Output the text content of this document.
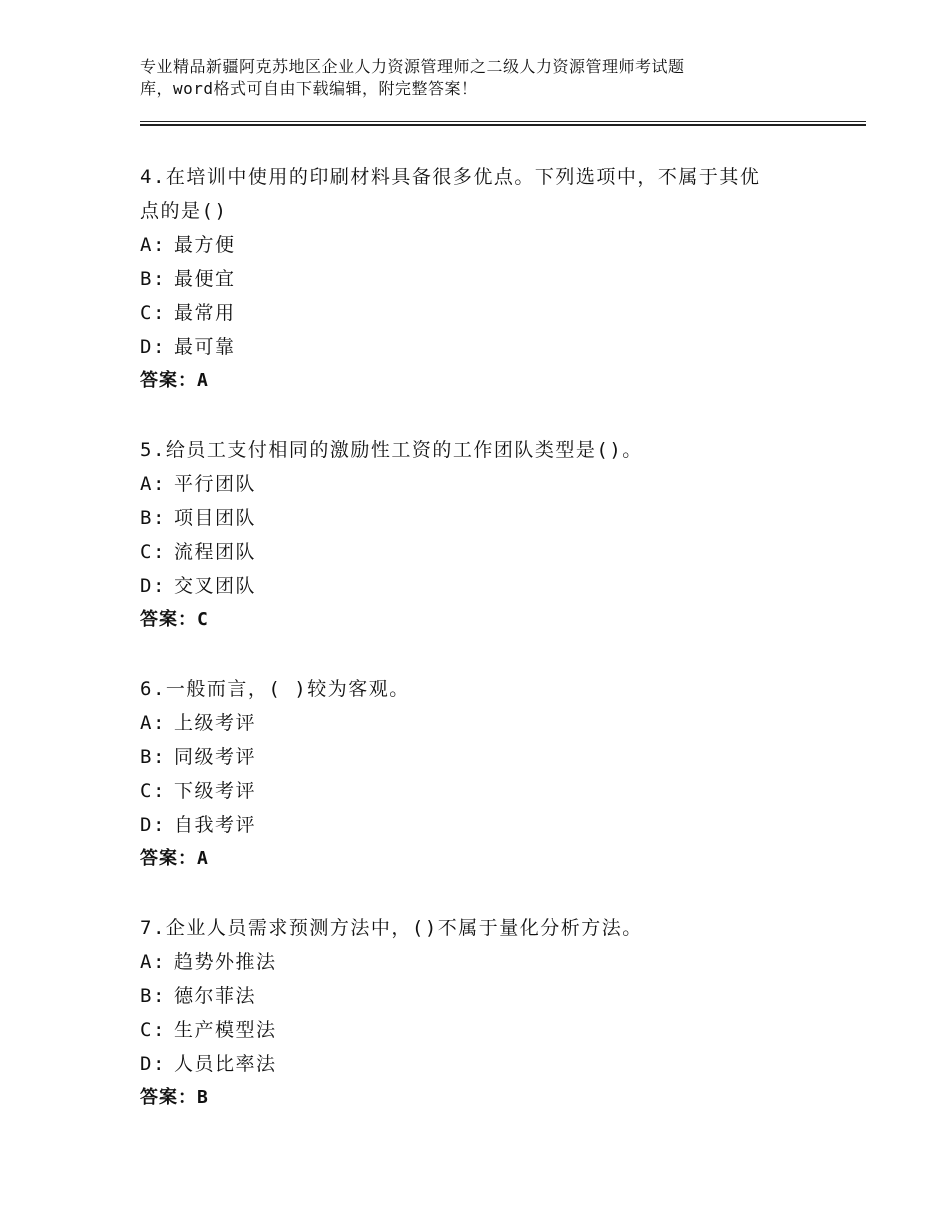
专业精品新疆阿克苏地区企业人力资源管理师之二级人力资源管理师考试题
库，word格式可自由下载编辑，附完整答案！

4.在培训中使用的印刷材料具备很多优点。下列选项中，不属于其优

点的是()

A: 最方便
B: 最便宜
C: 最常用
D: 最可靠
答案：A

5.给员工支付相同的激励性工资的工作团队类型是()。

A: 平行团队
B: 项目团队
C: 流程团队
D: 交叉团队
答案：C

6.一般而言，( )较为客观。

A: 上级考评
B: 同级考评
C: 下级考评
D: 自我考评
答案：A

7.企业人员需求预测方法中，()不属于量化分析方法。

A: 趋势外推法
B: 德尔菲法
C: 生产模型法
D: 人员比率法
答案：B
